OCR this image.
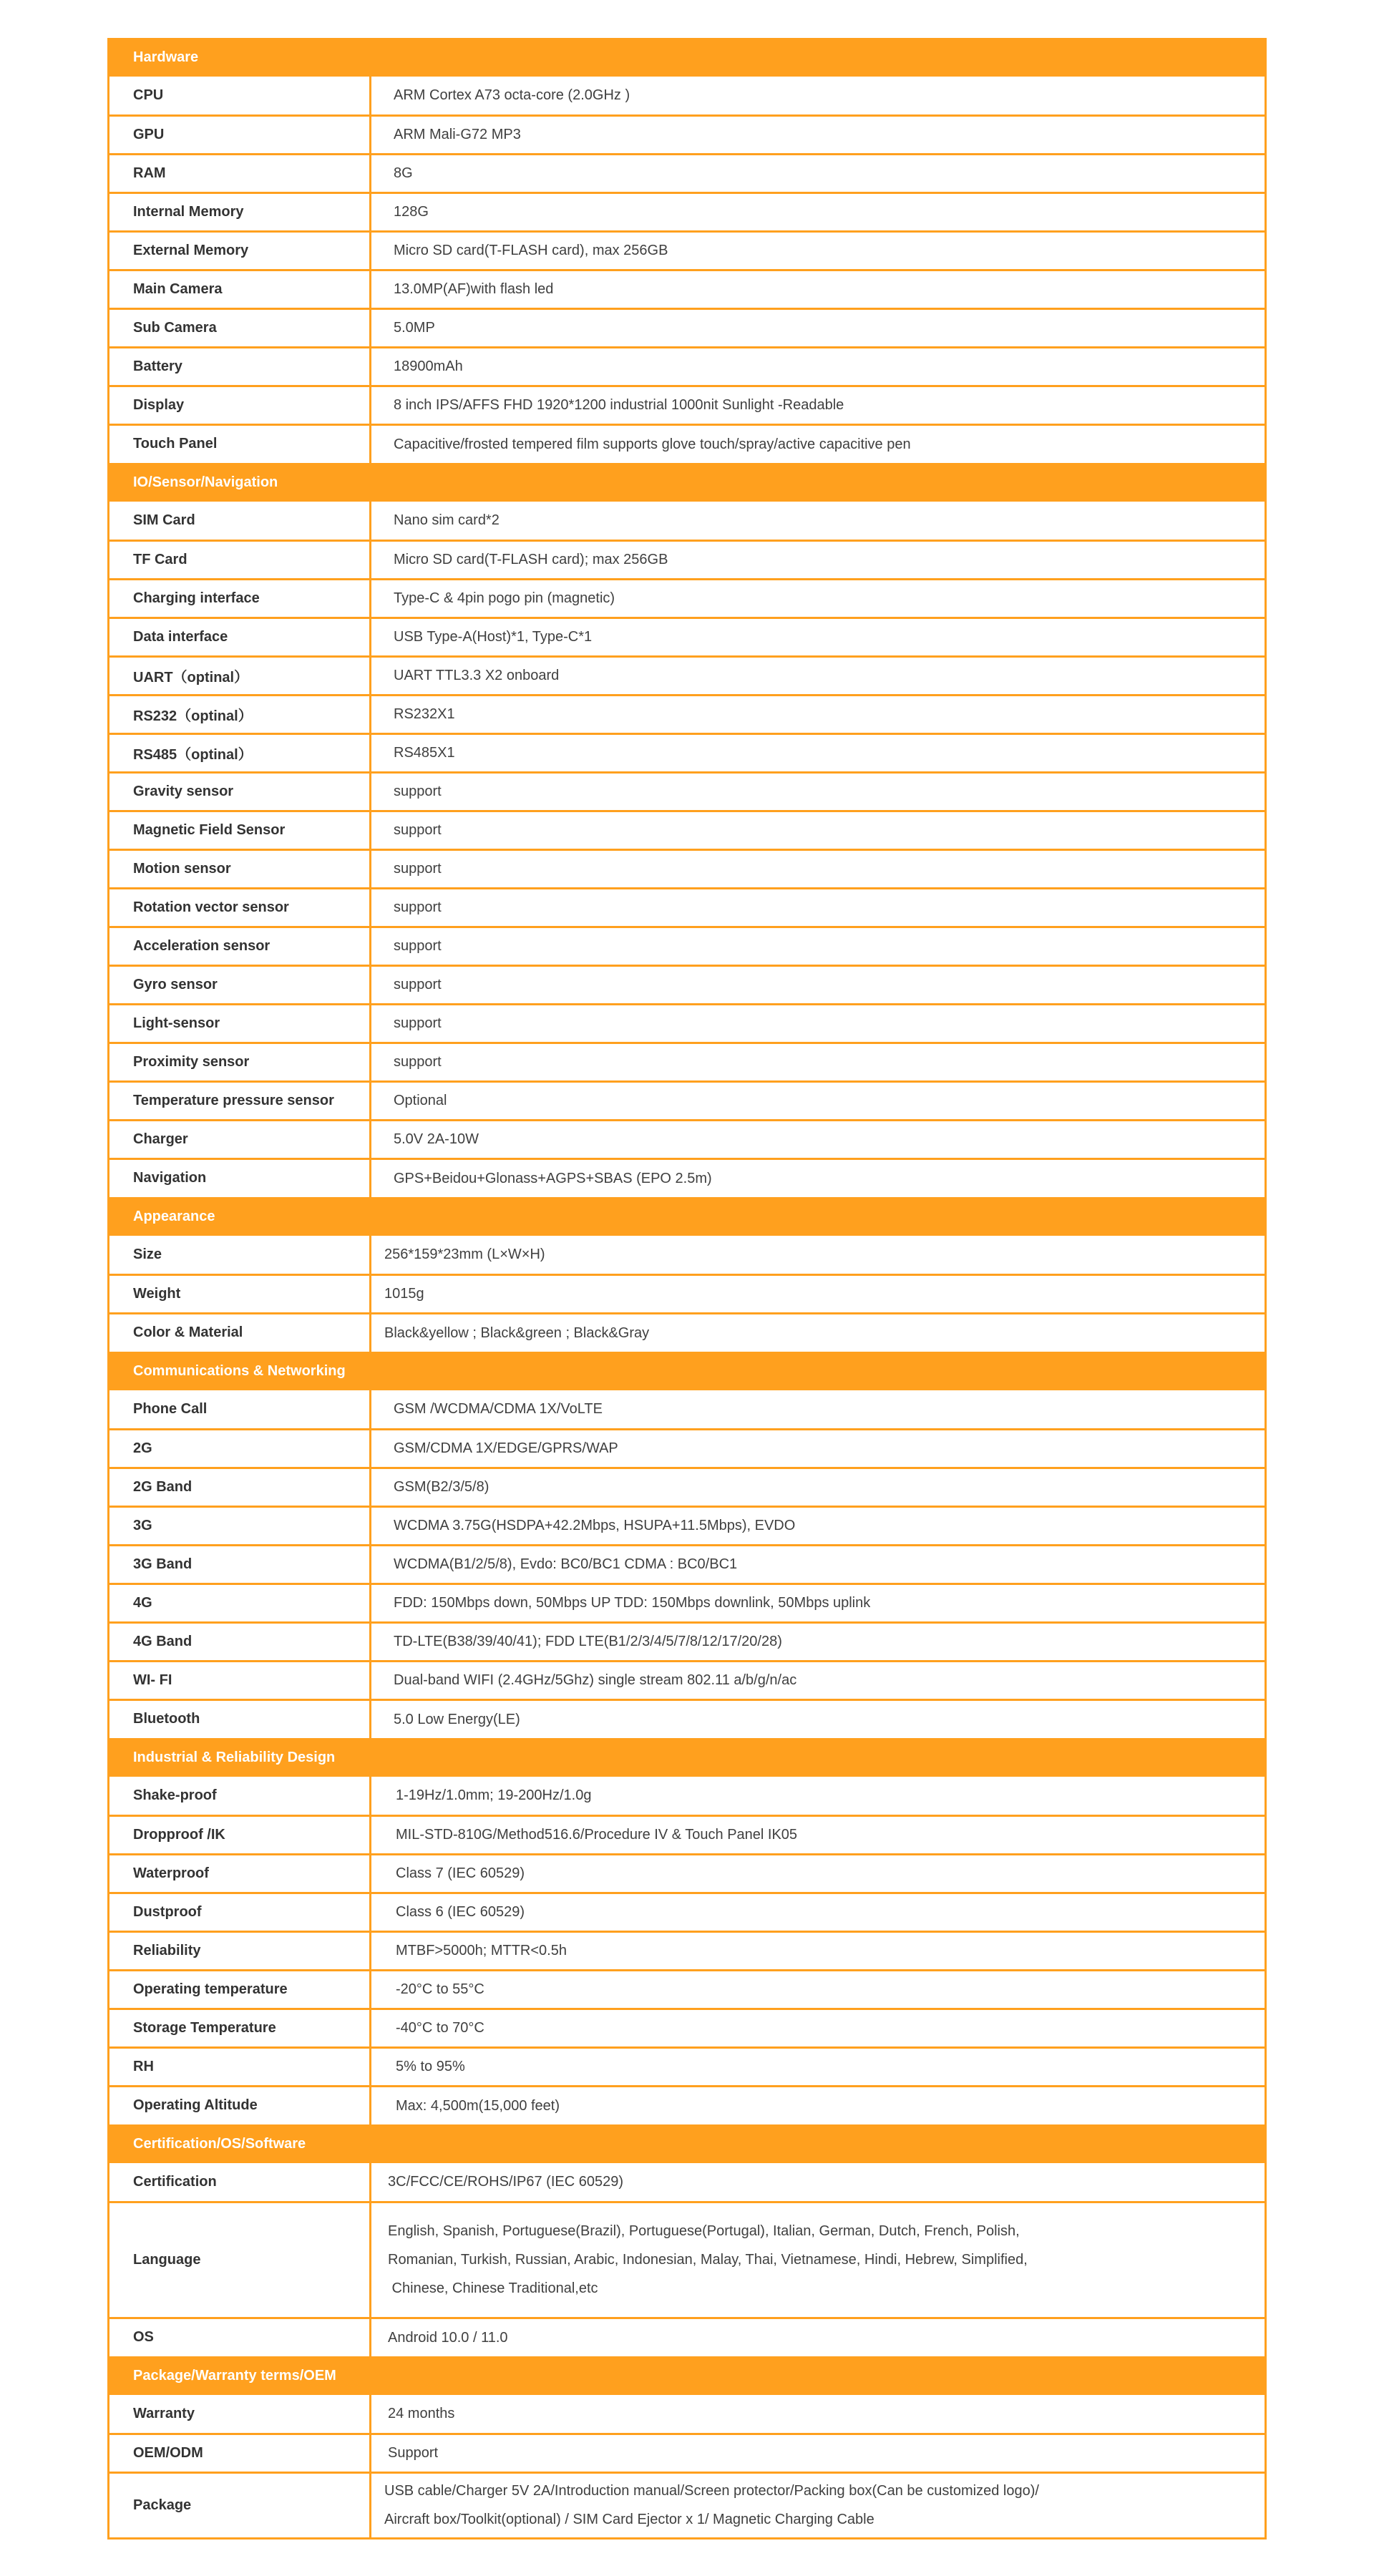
Hardware	
CPU	ARM Cortex A73 octa-core (2.0GHz )
GPU	ARM Mali-G72 MP3
RAM	8G
Internal Memory	128G
External Memory	Micro SD card(T-FLASH card), max 256GB
Main Camera	13.0MP(AF)with flash led
Sub Camera	5.0MP
Battery	18900mAh
Display	8 inch IPS/AFFS FHD 1920*1200 industrial 1000nit Sunlight -Readable
Touch Panel	Capacitive/frosted tempered film supports glove touch/spray/active capacitive pen
IO/Sensor/Navigation	
SIM Card	Nano sim card*2
TF Card	Micro SD card(T-FLASH card); max 256GB
Charging interface	Type-C & 4pin pogo pin (magnetic)
Data interface	USB Type-A(Host)*1, Type-C*1
UART（optinal）	UART TTL3.3 X2 onboard
RS232（optinal）	RS232X1
RS485（optinal）	RS485X1
Gravity sensor	support
Magnetic Field Sensor	support
Motion sensor	support
Rotation vector sensor	support
Acceleration sensor	support
Gyro sensor	support
Light-sensor	support
Proximity sensor	support
Temperature pressure sensor	Optional
Charger	5.0V 2A-10W
Navigation	GPS+Beidou+Glonass+AGPS+SBAS (EPO 2.5m)
Appearance	
Size	256*159*23mm (L×W×H)
Weight	1015g
Color & Material	Black&yellow ; Black&green ; Black&Gray
Communications & Networking	
Phone Call	GSM /WCDMA/CDMA 1X/VoLTE
2G	GSM/CDMA 1X/EDGE/GPRS/WAP
2G Band	GSM(B2/3/5/8)
3G	WCDMA 3.75G(HSDPA+42.2Mbps, HSUPA+11.5Mbps), EVDO
3G Band	WCDMA(B1/2/5/8), Evdo: BC0/BC1 CDMA : BC0/BC1
4G	FDD: 150Mbps down, 50Mbps UP TDD: 150Mbps downlink, 50Mbps uplink
4G Band	TD-LTE(B38/39/40/41); FDD LTE(B1/2/3/4/5/7/8/12/17/20/28)
WI- FI	Dual-band WIFI (2.4GHz/5Ghz) single stream 802.11 a/b/g/n/ac
Bluetooth	5.0 Low Energy(LE)
Industrial & Reliability Design	
Shake-proof	1-19Hz/1.0mm; 19-200Hz/1.0g
Dropproof /IK	MIL-STD-810G/Method516.6/Procedure IV & Touch Panel IK05
Waterproof	Class 7 (IEC 60529)
Dustproof	Class 6 (IEC 60529)
Reliability	MTBF>5000h; MTTR<0.5h
Operating temperature	-20°C to 55°C
Storage Temperature	-40°C to 70°C
RH	5% to 95%
Operating Altitude	Max: 4,500m(15,000 feet)
Certification/OS/Software	
Certification	3C/FCC/CE/ROHS/IP67 (IEC 60529)
Language	English, Spanish, Portuguese(Brazil), Portuguese(Portugal), Italian, German, Dutch, French, Polish,
Romanian, Turkish, Russian, Arabic, Indonesian, Malay, Thai, Vietnamese, Hindi, Hebrew, Simplified,
Chinese, Chinese Traditional,etc

OS	Android 10.0 / 11.0
Package/Warranty terms/OEM	
Warranty	24 months
OEM/ODM	Support
Package	USB cable/Charger 5V 2A/Introduction manual/Screen protector/Packing box(Can be customized logo)/
Aircraft box/Toolkit(optional) / SIM Card Ejector x 1/ Magnetic Charging Cable
